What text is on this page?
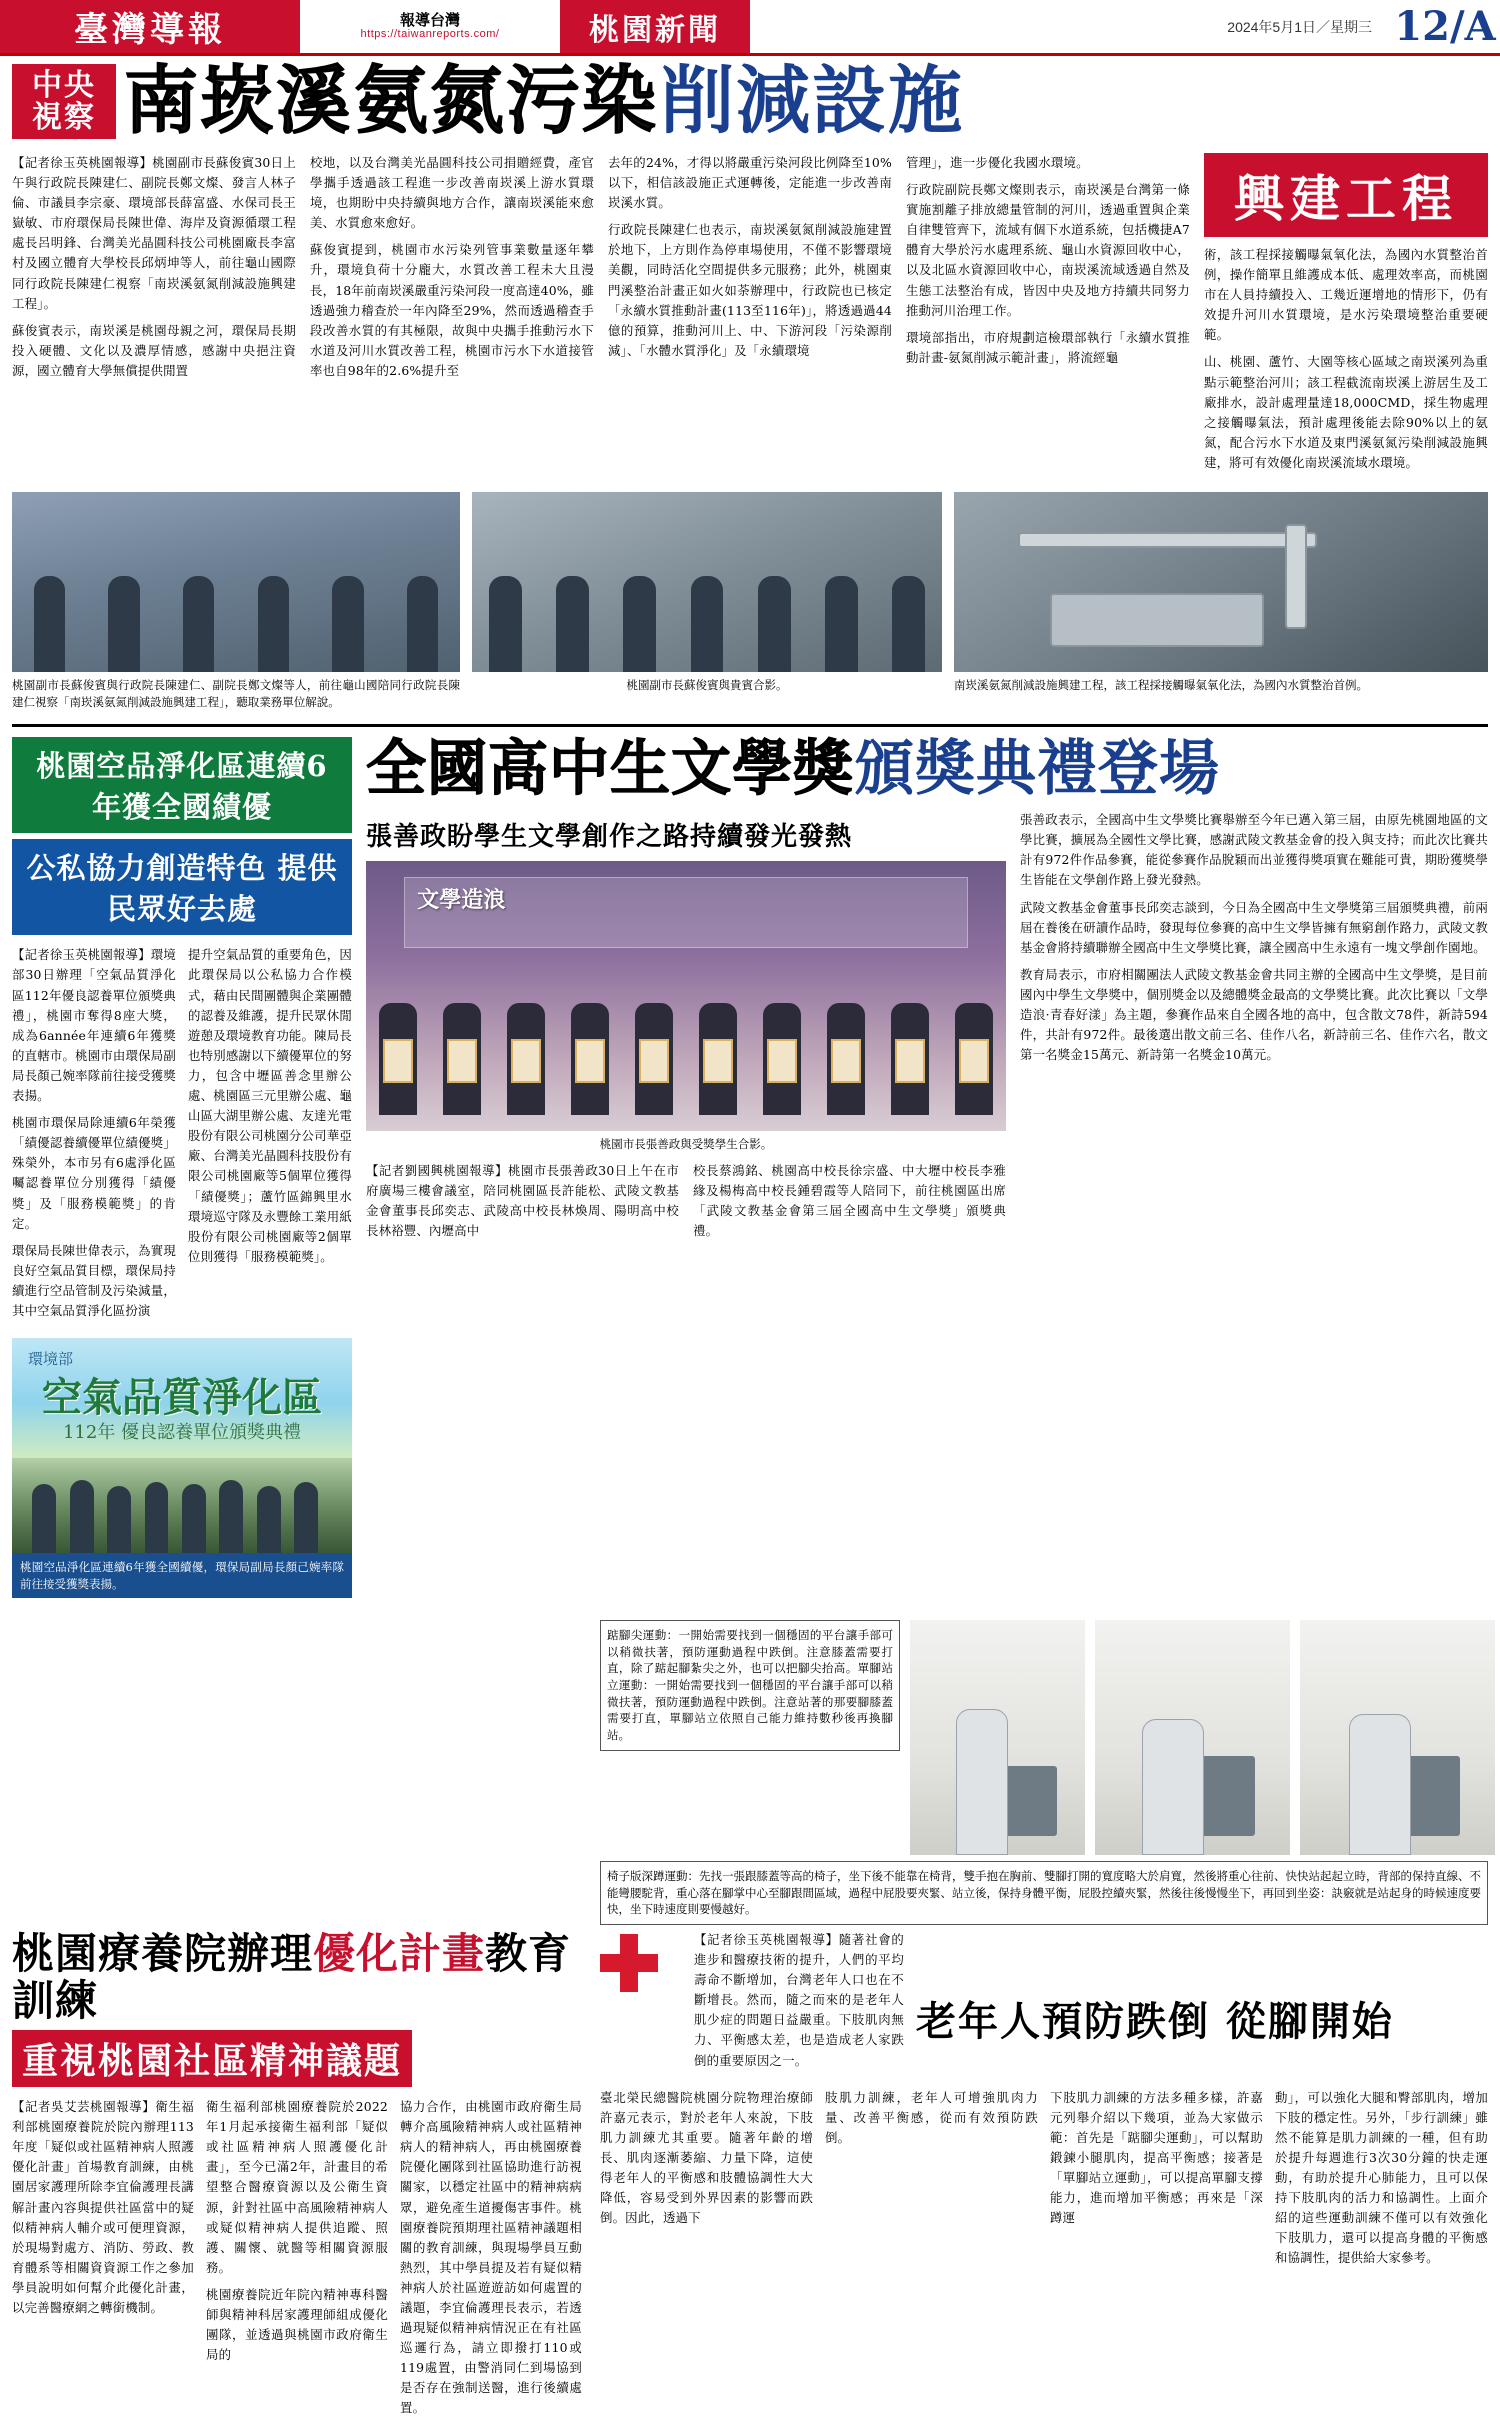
臺灣導報	報導台灣
https://taiwanreports.com/	桃園新聞	2024年5月1日／星期三 12/A
中央視察 南崁溪 氨氮污染 削減設施

【記者徐玉英桃園報導】桃園副市長蘇俊賓30日上午與行政院長陳建仁、副院長鄭文燦、發言人林子倫、市議員李宗豪、環境部長薛富盛、水保司長王嶽敏、市府環保局長陳世偉、海岸及資源循環工程處長呂明鋒、台灣美光晶圓科技公司桃園廠長李富村及國立體育大學校長邱炳坤等人，前往龜山國際同行政院長陳建仁視察「南崁溪氨氮削減設施興建工程」。

蘇俊賓表示，南崁溪是桃園母親之河，環保局長期投入硬體、文化以及濃厚情感，感謝中央挹注資源，國立體育大學無償提供閒置

校地，以及台灣美光晶圓科技公司捐贈經費，產官學攜手透過該工程進一步改善南崁溪上游水質環境，也期盼中央持續與地方合作，讓南崁溪能來愈美、水質愈來愈好。

蘇俊賓提到，桃園市水污染列管事業數量逐年攀升，環境負荷十分龐大，水質改善工程未大且漫長，18年前南崁溪嚴重污染河段一度高達40%，雖透過強力稽查於一年內降至29%，然而透過稽查手段改善水質的有其極限，故與中央攜手推動污水下水道及河川水質改善工程，桃園市污水下水道接管率也自98年的2.6%提升至

去年的24%，才得以將嚴重污染河段比例降至10%以下，相信該設施正式運轉後，定能進一步改善南崁溪水質。

行政院長陳建仁也表示，南崁溪氨氮削減設施建置於地下，上方則作為停車場使用，不僅不影響環境美觀，同時活化空間提供多元服務；此外，桃園東門溪整治計畫正如火如荼辦理中，行政院也已核定「永續水質推動計畫(113至116年)」，將透過過44億的預算，推動河川上、中、下游河段「污染源削減」、「水體水質淨化」及「永續環境

管理」，進一步優化我國水環境。

行政院副院長鄭文燦則表示，南崁溪是台灣第一條實施割離子排放總量管制的河川，透過重置與企業自律雙管齊下，流域有個下水道系統，包括機捷A7體育大學於污水處理系統、龜山水資源回收中心，以及北區水資源回收中心，南崁溪流域透過自然及生態工法整治有成，皆因中央及地方持續共同努力推動河川治理工作。

環境部指出，市府規劃這檢環部執行「永續水質推動計畫-氨氮削減示範計畫」，將流經龜

興建工程

術，該工程採接觸曝氣氧化法，為國內水質整治首例，操作簡單且維護成本低、處理效率高，而桃園市在人員持續投入、工幾近運增地的情形下，仍有效提升河川水質環境，是水污染環境整治重要硬範。

山、桃園、蘆竹、大園等核心區域之南崁溪列為重點示範整治河川；該工程截流南崁溪上游居生及工廠排水，設計處理量達18,000CMD，採生物處理之接觸曝氣法，預計處理後能去除90%以上的氨氮，配合污水下水道及東門溪氨氮污染削減設施興建，將可有效優化南崁溪流域水環境。

桃園副市長蘇俊賓與行政院長陳建仁、副院長鄭文燦等人，前往龜山國陪同行政院長陳建仁視察「南崁溪氨氮削減設施興建工程」，聽取業務單位解說。
桃園副市長蘇俊賓與貴賓合影。	南崁溪氨氮削減設施興建工程，該工程採接觸曝氣氧化法，為國內水質整治首例。
桃園空品淨化區連續6年獲全國績優
公私協力創造特色 提供民眾好去處

【記者徐玉英桃園報導】環境部30日辦理「空氣品質淨化區112年優良認養單位頒獎典禮」，桃園市奪得8座大獎，成為6année年連續6年獲獎的直轄市。桃園市由環保局副局長顏己婉率隊前往接受獲獎表揚。

桃園市環保局除連續6年榮獲「績優認養續優單位績優獎」殊榮外，本市另有6處淨化區囑認養單位分別獲得「績優獎」及「服務模範獎」的肯定。

環保局長陳世偉表示，為實現良好空氣品質目標，環保局持續進行空品管制及污染減量，其中空氣品質淨化區扮演

提升空氣品質的重要角色，因此環保局以公私協力合作模式，藉由民間團體與企業團體的認養及維護，提升民眾休閒遊憩及環境教育功能。陳局長也特別感謝以下續優單位的努力，包含中壢區善念里辦公處、桃園區三元里辦公處、龜山區大湖里辦公處、友達光電股份有限公司桃園分公司華亞廠、台灣美光晶圓科技股份有限公司桃園廠等5個單位獲得「績優獎」；蘆竹區錦興里水環境巡守隊及永豐餘工業用紙股份有限公司桃園廠等2個單位則獲得「服務模範獎」。

環境部
空氣品質淨化區
112年 優良認養單位頒獎典禮
桃園空品淨化區連續6年獲全國續優，環保局副局長顏己婉率隊前往接受獲獎表揚。
全國高中生文學獎頒獎典禮登場
張善政盼學生文學創作之路持續發光發熱
文學造浪
桃園市長張善政與受獎學生合影。

【記者劉國興桃園報導】桃園市長張善政30日上午在市府廣場三樓會議室，陪同桃園區長許能松、武陵文教基金會董事長邱奕志、武陵高中校長林煥周、陽明高中校長林裕豐、內壢高中

校長蔡鴻銘、桃園高中校長徐宗盛、中大壢中校長李雅緣及楊梅高中校長鍾碧霞等人陪同下，前往桃園區出席「武陵文教基金會第三屆全國高中生文學獎」頒獎典禮。

張善政表示，全國高中生文學獎比賽舉辦至今年已邁入第三屆，由原先桃園地區的文學比賽，擴展為全國性文學比賽，感謝武陵文教基金會的投入與支持；而此次比賽共計有972件作品參賽，能從參賽作品脫穎而出並獲得獎項實在難能可貴，期盼獲獎學生皆能在文學創作路上發光發熱。

武陵文教基金會董事長邱奕志談到，今日為全國高中生文學獎第三屆頒獎典禮，前兩屆在養後在研讀作品時，發現每位參賽的高中生文學皆擁有無窮創作路力，武陵文教基金會將持續聯辦全國高中生文學獎比賽，讓全國高中生永遠有一塊文學創作園地。

教育局表示，市府相關團法人武陵文教基金會共同主辦的全國高中生文學獎，是目前國內中學生文學獎中，個別獎金以及總體獎金最高的文學獎比賽。此次比賽以「文學造浪·青春好漾」為主題，參賽作品來自全國各地的高中，包含散文78件，新詩594件，共計有972件。最後選出散文前三名、佳作八名，新詩前三名、佳作六名，散文第一名獎金15萬元、新詩第一名獎金10萬元。

踮腳尖運動：一開始需要找到一個穩固的平台讓手部可以稍微扶著，預防運動過程中跌倒。注意膝蓋需要打直，除了踮起腳紮尖之外，也可以把腳尖抬高。單腳站立運動：一開始需要找到一個穩固的平台讓手部可以稍微扶著，預防運動過程中跌倒。注意站著的那要腳膝蓋需要打直，單腳站立依照自己能力維持數秒後再換腳站。
椅子版深蹲運動：先找一張跟膝蓋等高的椅子，坐下後不能靠在椅背，雙手抱在胸前、雙腳打開的寬度略大於肩寬，然後將重心往前、快快站起起立時，背部的保持直線、不能彎腰駝背，重心落在腳掌中心至腳跟間區域，過程中屁股要夾緊、站立後，保持身體平衡，屁股控續夾緊，然後往後慢慢坐下，再回到坐姿：訣竅就是站起身的時候速度要快，坐下時速度則要慢越好。
桃園療養院辦理優化計畫教育訓練
重視桃園社區精神議題

【記者吳艾芸桃園報導】衛生福利部桃園療養院於院內辦理113年度「疑似或社區精神病人照護優化計畫」首場教育訓練，由桃園居家護理所除李宜倫護理長講解計畫內容與提供社區當中的疑似精神病人輔介或可便理資源，於現場對處方、消防、勞政、教育體系等相關資資源工作之參加學員說明如何幫介此優化計畫，以完善醫療網之轉銜機制。

衛生福利部桃園療養院於2022年1月起承接衛生福利部「疑似或社區精神病人照護優化計畫」，至今已滿2年，計畫目的希望整合醫療資源以及公衛生資源，針對社區中高風險精神病人或疑似精神病人提供追蹤、照護、關懷、就醫等相關資源服務。

桃園療養院近年院內精神專科醫師與精神科居家護理師組成優化團隊，並透過與桃園市政府衛生局的

協力合作，由桃園市政府衛生局轉介高風險精神病人或社區精神病人的精神病人，再由桃園療養院優化團隊到社區協助進行訪視關家，以穩定社區中的精神病病眾，避免產生道擾傷害事件。桃園療養院預期理社區精神議題相關的教育訓練，與現場學員互動熱烈，其中學員提及若有疑似精神病人於社區遊遊訪如何處置的議題，李宜倫護理長表示，若透過現疑似精神病情況正在有社區巡邏行為，請立即撥打110或119處置，由警消同仁到場協到是否存在強制送醫，進行後續處置。

【記者徐玉英桃園報導】隨著社會的進步和醫療技術的提升，人們的平均壽命不斷增加，台灣老年人口也在不斷增長。然而，隨之而來的是老年人肌少症的問題日益嚴重。下肢肌肉無力、平衡感太差，也是造成老人家跌倒的重要原因之一。

老年人預防跌倒 從腳開始

臺北榮民總醫院桃園分院物理治療師許嘉元表示，對於老年人來說，下肢肌力訓練尤其重要。隨著年齡的增長、肌肉逐漸萎縮、力量下降，這使得老年人的平衡感和肢體協調性大大降低，容易受到外界因素的影響而跌倒。因此，透過下

肢肌力訓練，老年人可增強肌肉力量、改善平衡感，從而有效預防跌倒。

下肢肌力訓練的方法多種多樣，許嘉元列舉介紹以下幾項，並為大家做示範：首先是「踮腳尖運動」，可以幫助鍛鍊小腿肌肉，提高平衡感；接著是「單腳站立運動」，可以提高單腳支撐能力，進而增加平衡感；再來是「深蹲運

動」，可以強化大腿和臀部肌肉，增加下肢的穩定性。另外，「步行訓練」雖然不能算是肌力訓練的一種，但有助於提升每週進行3次30分鐘的快走運動，有助於提升心肺能力，且可以保持下肢肌肉的活力和協調性。上面介紹的這些運動訓練不僅可以有效強化下肢肌力，還可以提高身體的平衡感和協調性，提供給大家參考。
